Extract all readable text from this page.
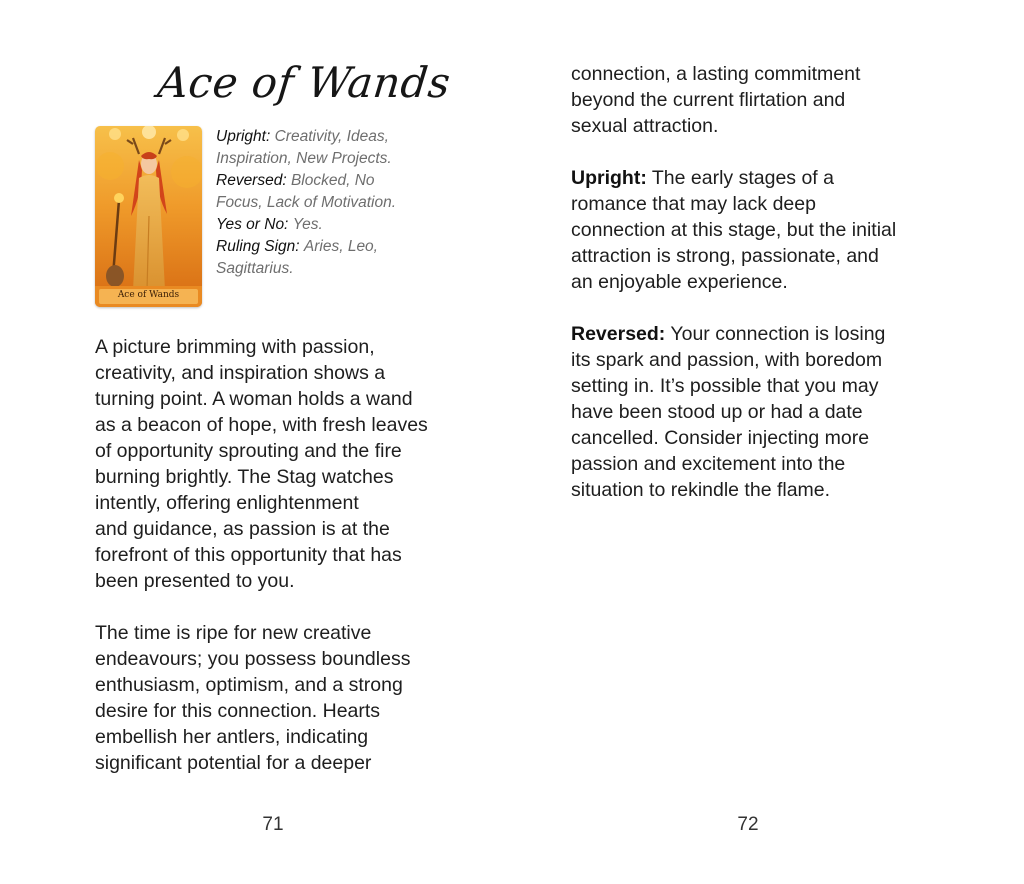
Ace of Wands
Ace of Wands
Upright: Creativity, Ideas,
Inspiration, New Projects.
Reversed: Blocked, No
Focus, Lack of Motivation.
Yes or No: Yes.
Ruling Sign: Aries, Leo,
Sagittarius.
A picture brimming with passion,
creativity, and inspiration shows a
turning point. A woman holds a wand
as a beacon of hope, with fresh leaves
of opportunity sprouting and the fire
burning brightly. The Stag watches
intently, offering enlightenment
and guidance, as passion is at the
forefront of this opportunity that has
been presented to you.
The time is ripe for new creative
endeavours; you possess boundless
enthusiasm, optimism, and a strong
desire for this connection. Hearts
embellish her antlers, indicating
significant potential for a deeper
71
connection, a lasting commitment
beyond the current flirtation and
sexual attraction.
Upright: The early stages of a
romance that may lack deep
connection at this stage, but the initial
attraction is strong, passionate, and
an enjoyable experience.
Reversed: Your connection is losing
its spark and passion, with boredom
setting in. It’s possible that you may
have been stood up or had a date
cancelled. Consider injecting more
passion and excitement into the
situation to rekindle the flame.
72
